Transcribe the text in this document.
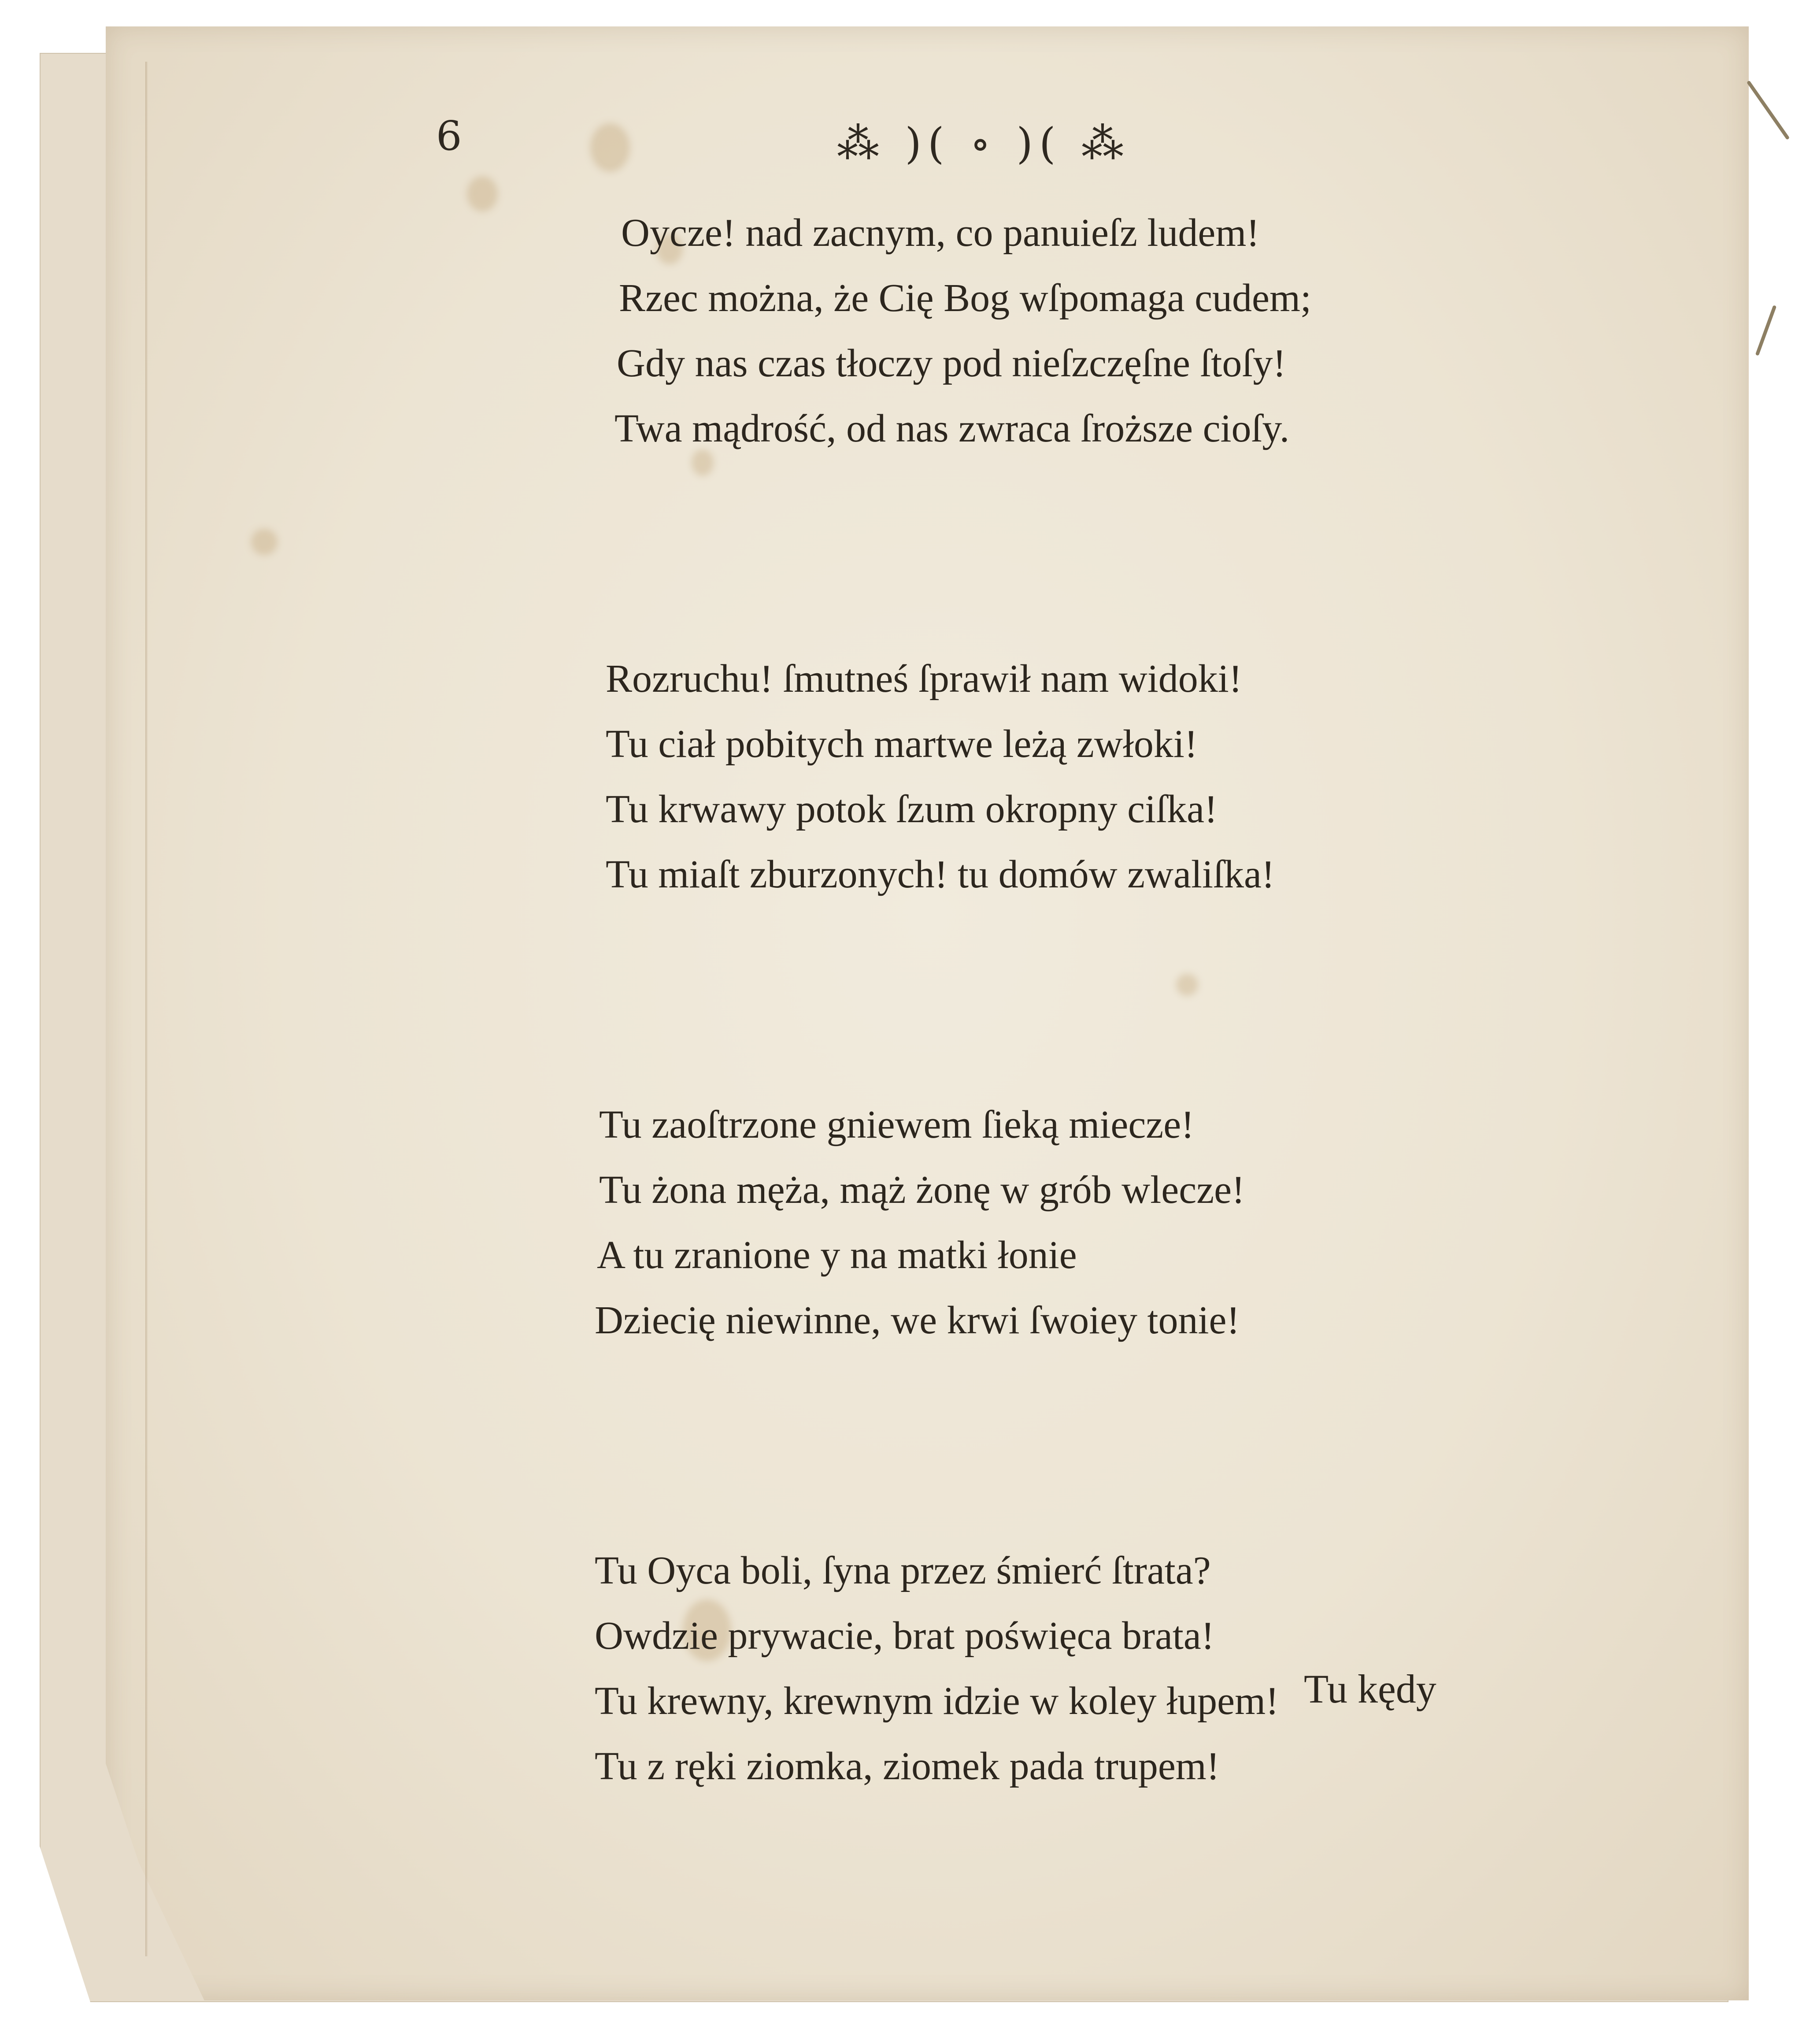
6	⁂ )( ∘ )( ⁂
Oycze! nad zacnym, co panuieſz ludem!
Rzec można, że Cię Bog wſpomaga cudem;
Gdy nas czas tłoczy pod nieſzczęſne ſtoſy!
Twa mądrość, od nas zwraca ſroższe cioſy.
Rozruchu! ſmutneś ſprawił nam widoki!
Tu ciał pobitych martwe leżą zwłoki!
Tu krwawy potok ſzum okropny ciſka!
Tu miaſt zburzonych! tu domów zwaliſka!
Tu zaoſtrzone gniewem ſieką miecze!
Tu żona męża, mąż żonę w grób wlecze!
A tu zranione y na matki łonie
Dziecię niewinne, we krwi ſwoiey tonie!
Tu Oyca boli, ſyna przez śmierć ſtrata?
Owdzie prywacie, brat poświęca brata!
Tu krewny, krewnym idzie w koley łupem!
Tu z ręki ziomka, ziomek pada trupem!
Tu kędy
